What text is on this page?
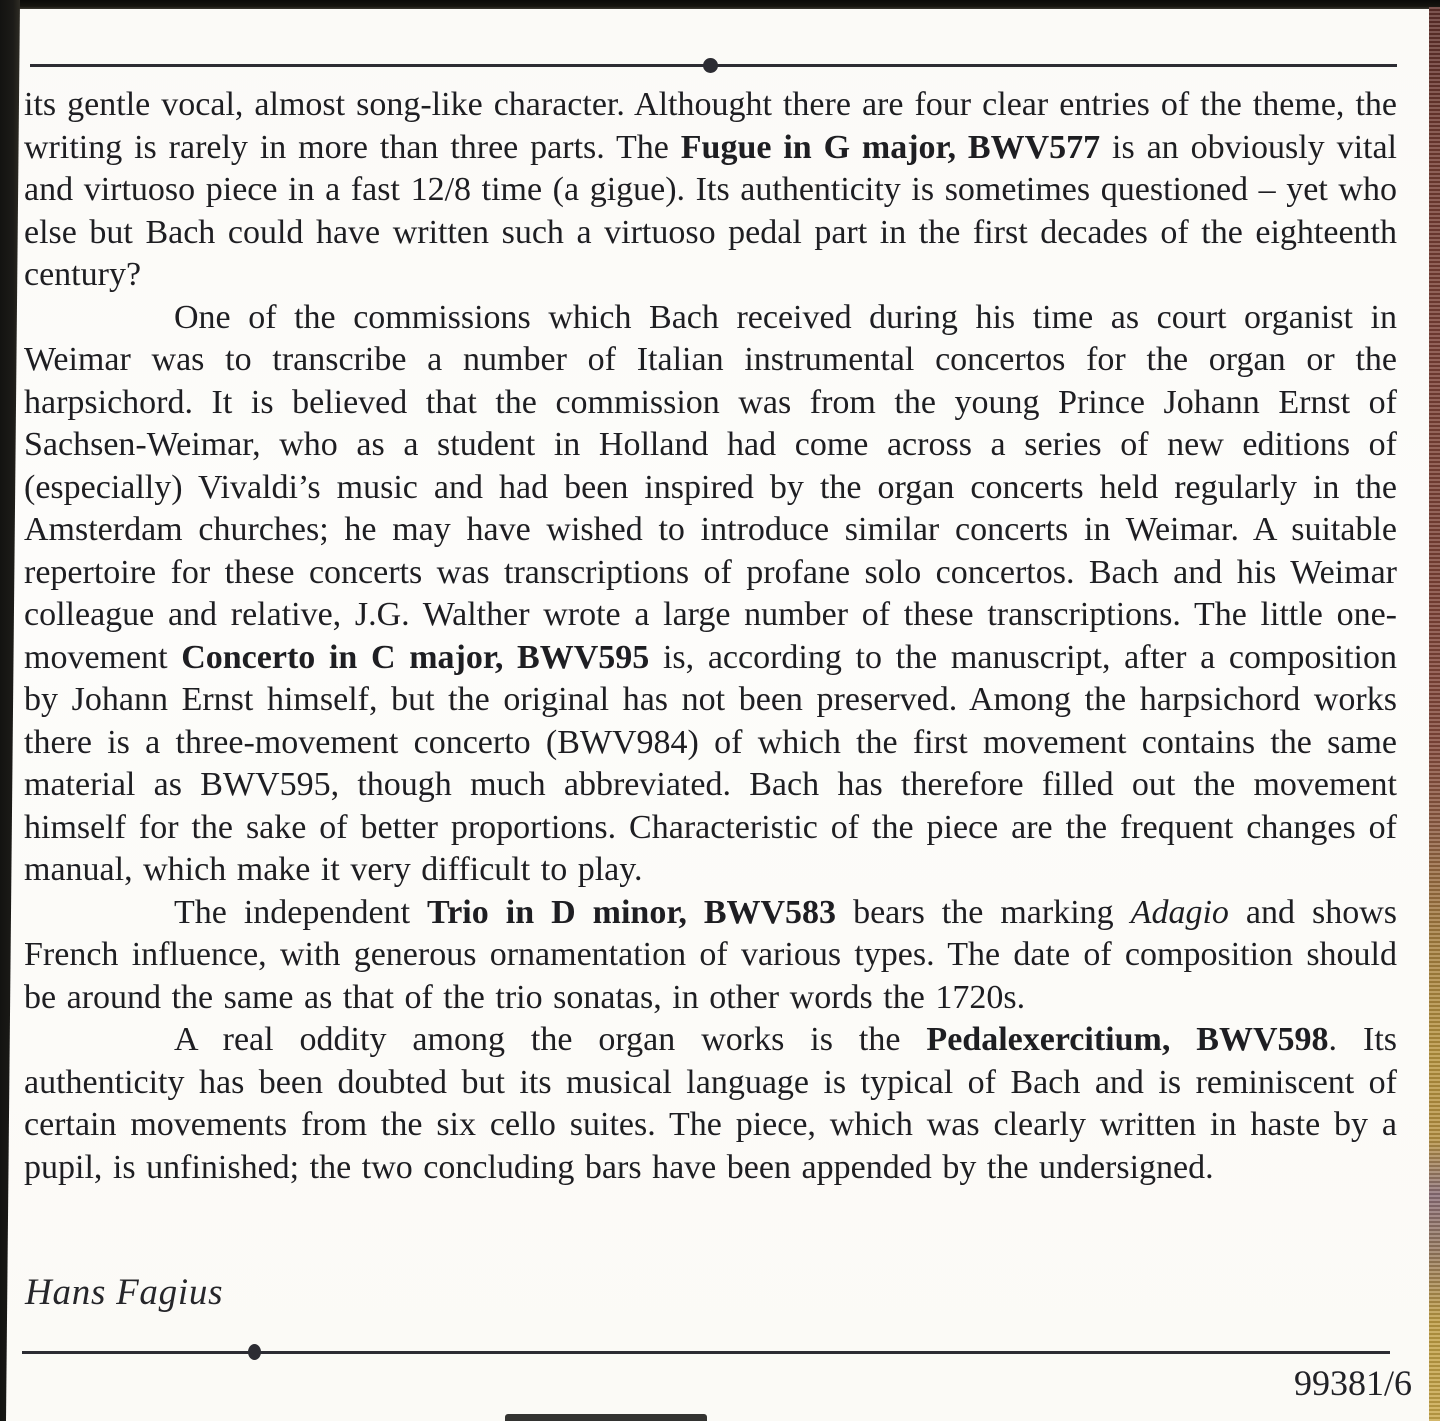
its gentle vocal, almost song-like character. Althought there are four clear entries of the theme, the writing is rarely in more than three parts. The Fugue in G major, BWV577 is an obviously vital and virtuoso piece in a fast 12/8 time (a gigue). Its authenticity is sometimes questioned – yet who else but Bach could have written such a virtuoso pedal part in the first decades of the eighteenth century?

One of the commissions which Bach received during his time as court organist in Weimar was to transcribe a number of Italian instrumental concertos for the organ or the harpsichord. It is believed that the commission was from the young Prince Johann Ernst of Sachsen-Weimar, who as a student in Holland had come across a series of new editions of (especially) Vivaldi’s music and had been inspired by the organ concerts held regularly in the Amsterdam churches; he may have wished to introduce similar concerts in Weimar. A suitable repertoire for these concerts was transcriptions of profane solo concertos. Bach and his Weimar colleague and relative, J.G. Walther wrote a large number of these transcriptions. The little one-movement Concerto in C major, BWV595 is, according to the manuscript, after a composition by Johann Ernst himself, but the original has not been preserved. Among the harpsichord works there is a three-movement concerto (BWV984) of which the first movement contains the same material as BWV595, though much abbreviated. Bach has therefore filled out the movement himself for the sake of better proportions. Characteristic of the piece are the frequent changes of manual, which make it very difficult to play.

The independent Trio in D minor, BWV583 bears the marking Adagio and shows French influence, with generous ornamentation of various types. The date of composition should be around the same as that of the trio sonatas, in other words the 1720s.

A real oddity among the organ works is the Pedalexercitium, BWV598. Its authenticity has been doubted but its musical language is typical of Bach and is reminiscent of certain movements from the six cello suites. The piece, which was clearly written in haste by a pupil, is unfinished; the two concluding bars have been appended by the undersigned.

Hans Fagius
99381/6
